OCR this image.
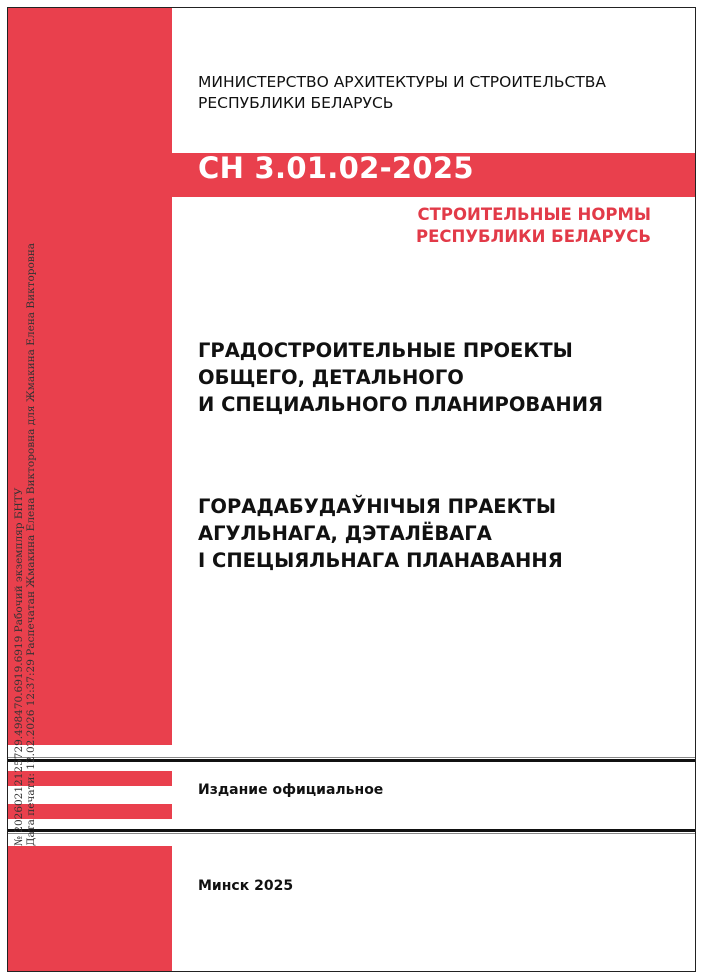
МИНИСТЕРСТВО АРХИТЕКТУРЫ И СТРОИТЕЛЬСТВА
РЕСПУБЛИКИ БЕЛАРУСЬ
СН 3.01.02-2025
СТРОИТЕЛЬНЫЕ НОРМЫ
РЕСПУБЛИКИ БЕЛАРУСЬ
ГРАДОСТРОИТЕЛЬНЫЕ ПРОЕКТЫ
ОБЩЕГО, ДЕТАЛЬНОГО
И СПЕЦИАЛЬНОГО ПЛАНИРОВАНИЯ
ГОРАДАБУДАЎНІЧЫЯ ПРАЕКТЫ
АГУЛЬНАГА, ДЭТАЛЁВАГА
І СПЕЦЫЯЛЬНАГА ПЛАНАВАННЯ
Издание официальное
Минск 2025
№ 20260212125729.498470.6919.6919 Рабочий экземпляр БНТУ Дата печати: 12.02.2026 12:37:29 Распечатан Жмакина Елена Викторовна для Жмакина Елена Викторовна
